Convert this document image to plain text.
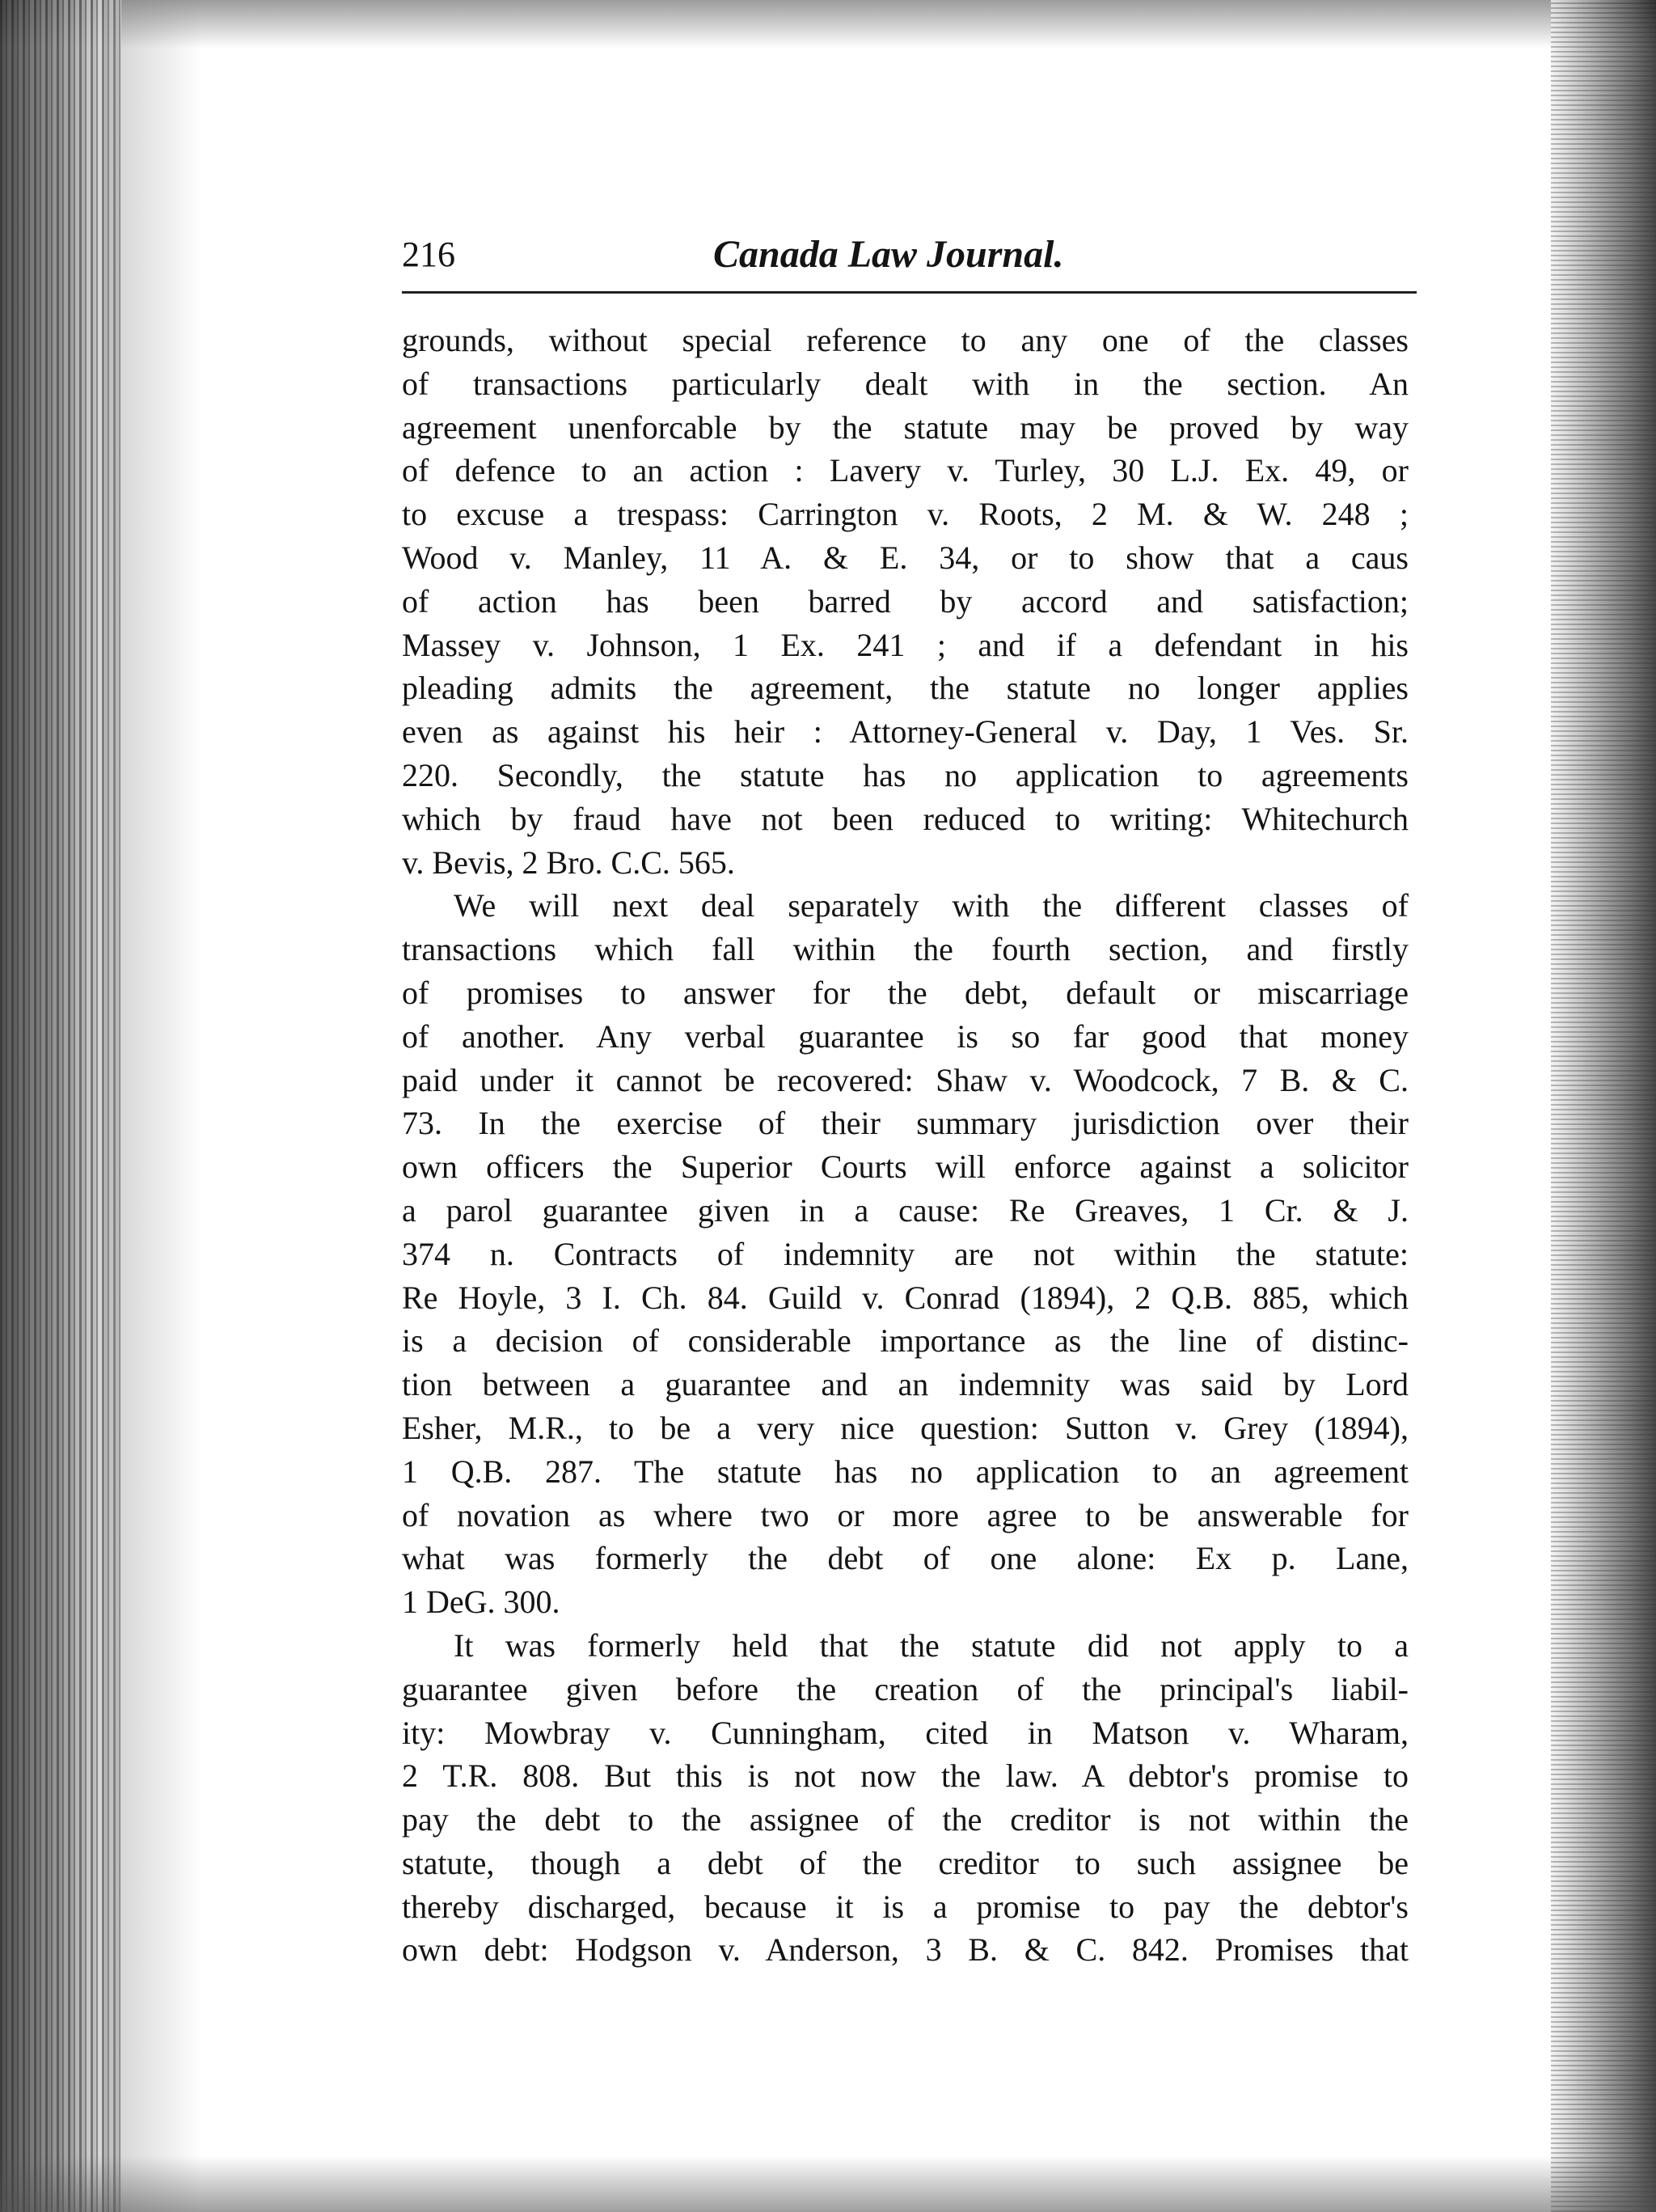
216	Canada Law Journal.
grounds, without special reference to any one of the classes
of transactions particularly dealt with in the section. An
agreement unenforcable by the statute may be proved by way
of defence to an action : Lavery v. Turley, 30 L.J. Ex. 49, or
to excuse a trespass: Carrington v. Roots, 2 M. & W. 248 ;
Wood v. Manley, 11 A. & E. 34, or to show that a caus
of action has been barred by accord and satisfaction;
Massey v. Johnson, 1 Ex. 241 ; and if a defendant in his
pleading admits the agreement, the statute no longer applies
even as against his heir : Attorney-General v. Day, 1 Ves. Sr.
220. Secondly, the statute has no application to agreements
which by fraud have not been reduced to writing: Whitechurch
v. Bevis, 2 Bro. C.C. 565.
We will next deal separately with the different classes of
transactions which fall within the fourth section, and firstly
of promises to answer for the debt, default or miscarriage
of another. Any verbal guarantee is so far good that money
paid under it cannot be recovered: Shaw v. Woodcock, 7 B. & C.
73. In the exercise of their summary jurisdiction over their
own officers the Superior Courts will enforce against a solicitor
a parol guarantee given in a cause: Re Greaves, 1 Cr. & J.
374 n. Contracts of indemnity are not within the statute:
Re Hoyle, 3 I. Ch. 84. Guild v. Conrad (1894), 2 Q.B. 885, which
is a decision of considerable importance as the line of distinc-
tion between a guarantee and an indemnity was said by Lord
Esher, M.R., to be a very nice question: Sutton v. Grey (1894),
1 Q.B. 287. The statute has no application to an agreement
of novation as where two or more agree to be answerable for
what was formerly the debt of one alone: Ex p. Lane,
1 DeG. 300.
It was formerly held that the statute did not apply to a
guarantee given before the creation of the principal's liabil-
ity: Mowbray v. Cunningham, cited in Matson v. Wharam,
2 T.R. 808. But this is not now the law. A debtor's promise to
pay the debt to the assignee of the creditor is not within the
statute, though a debt of the creditor to such assignee be
thereby discharged, because it is a promise to pay the debtor's
own debt: Hodgson v. Anderson, 3 B. & C. 842. Promises that
